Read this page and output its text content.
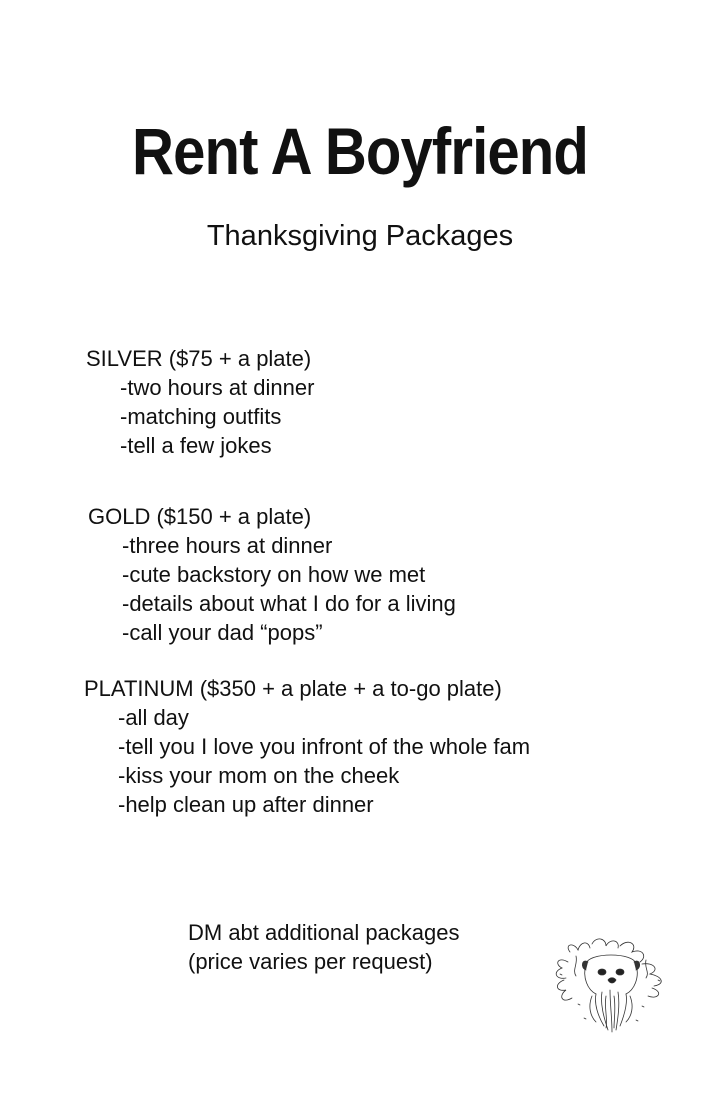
Rent A Boyfriend
Thanksgiving Packages
SILVER ($75 + a plate)
-two hours at dinner
-matching outfits
-tell a few jokes
GOLD ($150 + a plate)
-three hours at dinner
-cute backstory on how we met
-details about what I do for a living
-call your dad “pops”
PLATINUM ($350 + a plate + a to-go plate)
-all day
-tell you I love you infront of the whole fam
-kiss your mom on the cheek
-help clean up after dinner
DM abt additional packages
(price varies per request)
